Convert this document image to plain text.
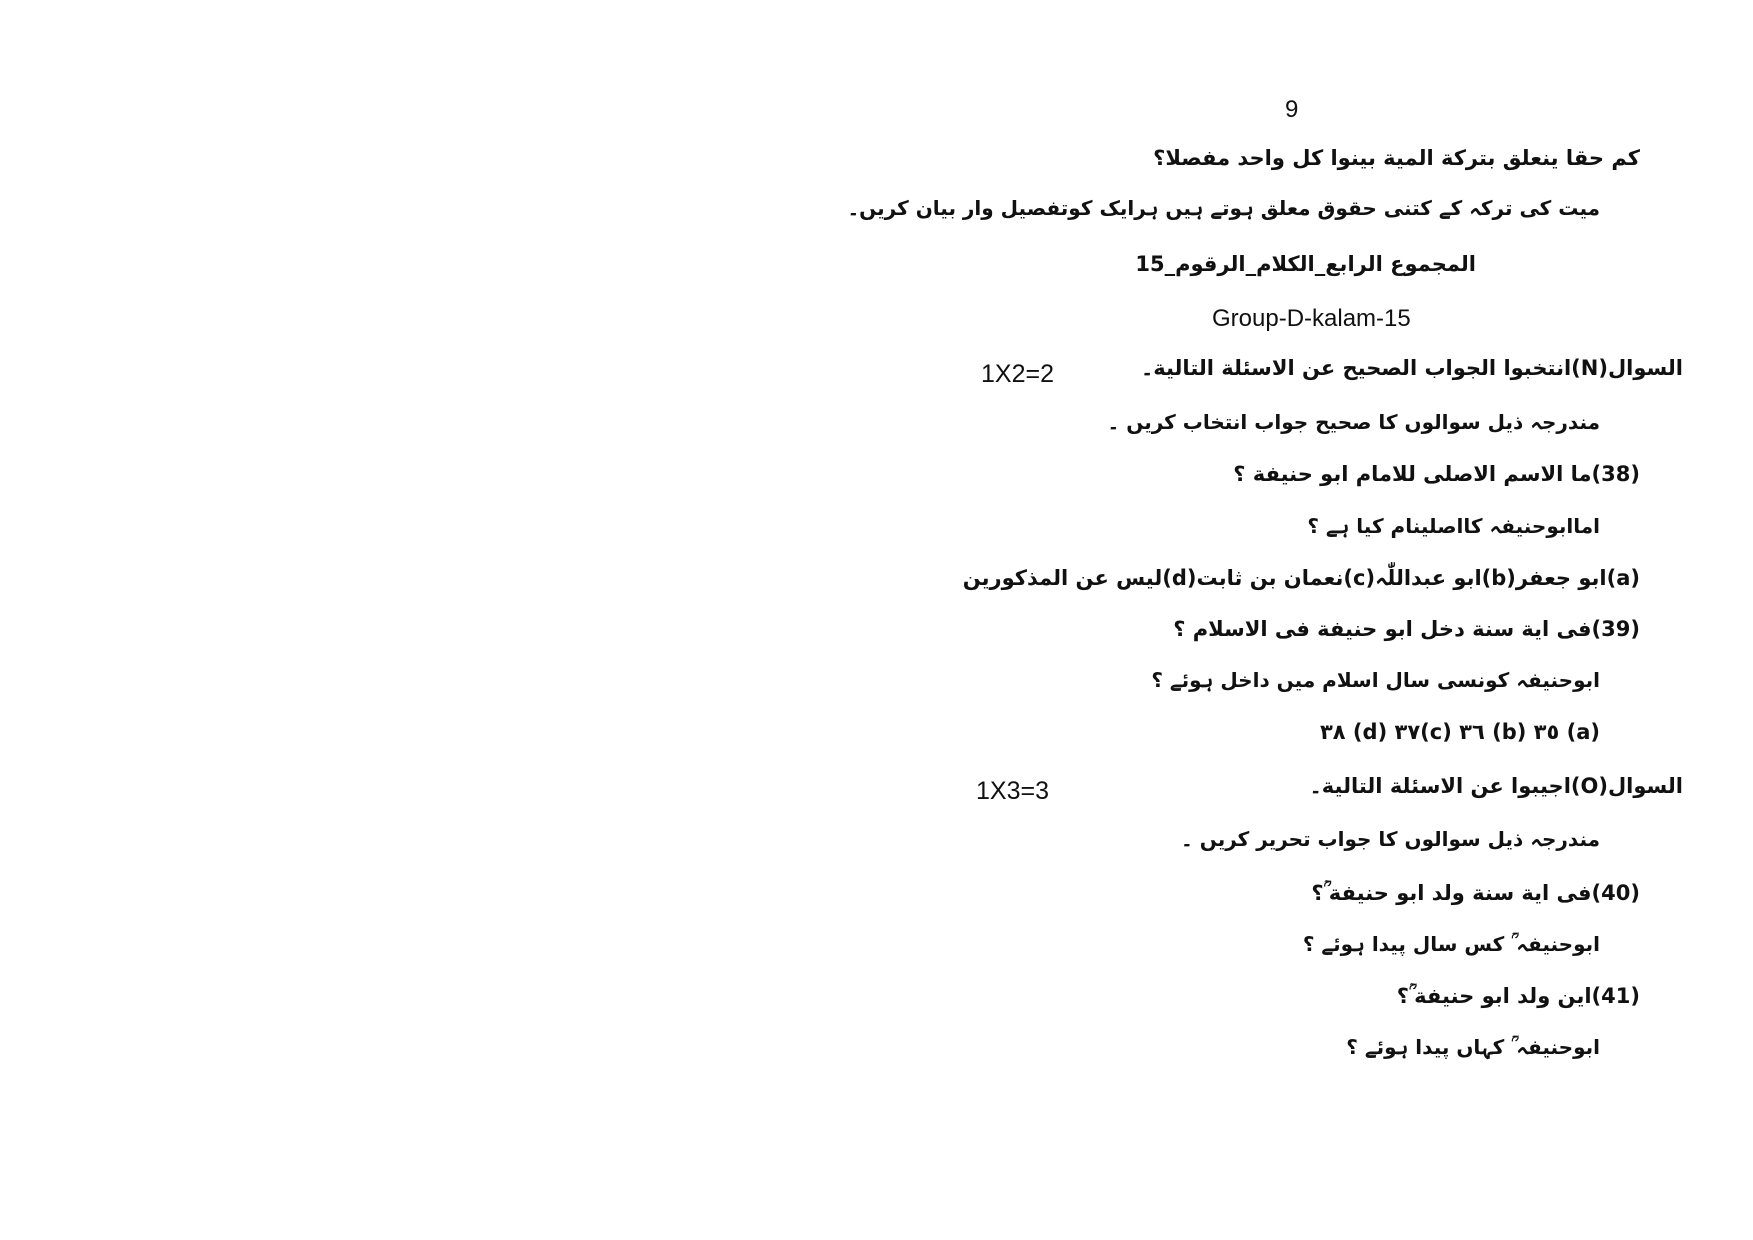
9
كم حقا ينعلق بتركة المية بينوا كل واحد مفصلا؟
میت کی ترکہ کے کتنی حقوق معلق ہوتے ہیں ہرایک کوتفصیل وار بیان کریں۔
المجموع الرابع_الكلام_الرقوم_15
Group-D-kalam-15
السوال(N)انتخبوا الجواب الصحيح عن الاسئلة التالية۔
1X2=2
مندرجہ ذیل سوالوں کا صحیح جواب انتخاب کریں ۔
(38)ما الاسم الاصلی للامام ابو حنیفة ؟
اماابوحنیفہ کااصلینام کیا ہے ؟
(a)ابو جعفر(b)ابو عبداللّٰہ(c)نعمان بن ثابت(d)لیس عن المذكورين
(39)فی ایة سنة دخل ابو حنیفة فی الاسلام ؟
ابوحنیفہ کونسی سال اسلام میں داخل ہوئے ؟
(a) ٣٥ (b) ٣٦ (c)٣٧ (d) ٣٨
السوال(O)اجیبوا عن الاسئلة التالية۔
1X3=3
مندرجہ ذیل سوالوں کا جواب تحریر کریں ۔
(40)فی ایة سنة ولد ابو حنیفة ؒ؟
ابوحنیفہ ؒ کس سال پیدا ہوئے ؟
(41)این ولد ابو حنیفة ؒ؟
ابوحنیفہ ؒ کہاں پیدا ہوئے ؟
